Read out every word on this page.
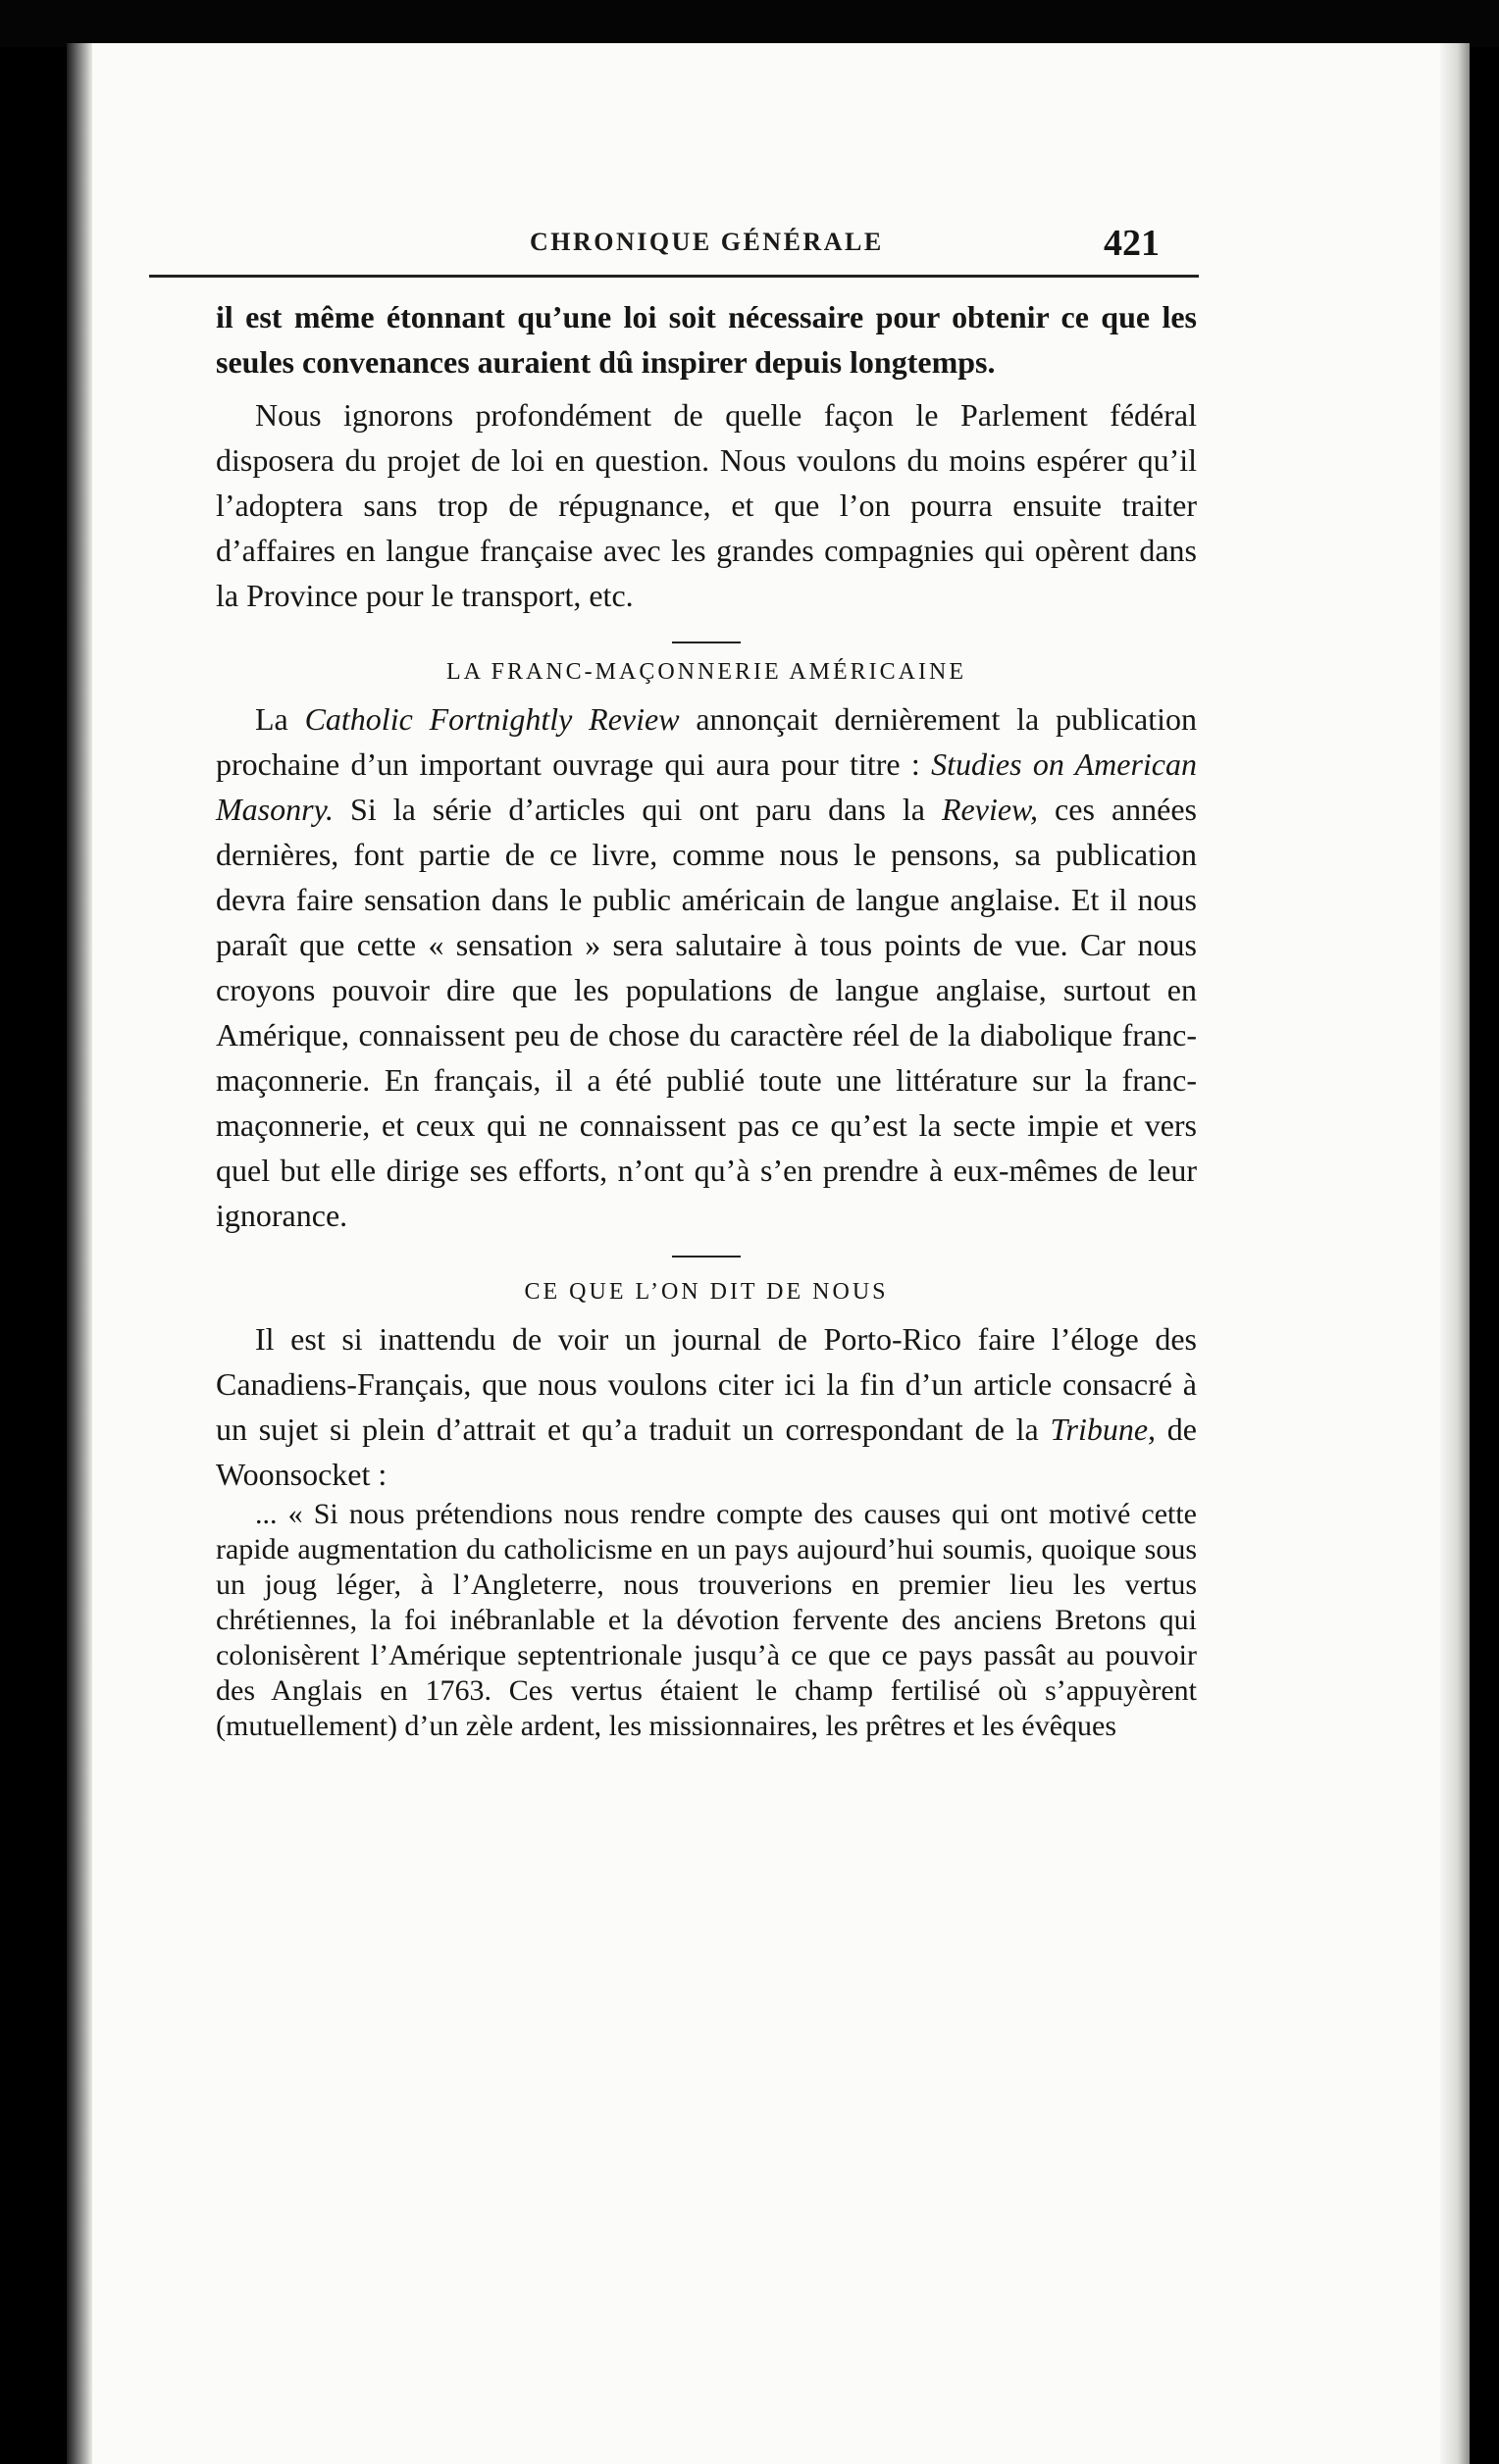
CHRONIQUE GÉNÉRALE	421

il est même étonnant qu’une loi soit nécessaire pour obtenir ce que les seules convenances auraient dû inspirer depuis longtemps.

Nous ignorons profondément de quelle façon le Parlement fédéral disposera du projet de loi en question. Nous voulons du moins espérer qu’il l’adoptera sans trop de répugnance, et que l’on pourra ensuite traiter d’affaires en langue française avec les grandes compagnies qui opèrent dans la Province pour le transport, etc.

LA FRANC-MAÇONNERIE AMÉRICAINE

La Catholic Fortnightly Review annonçait dernièrement la publication prochaine d’un important ouvrage qui aura pour titre : Studies on American Masonry. Si la série d’articles qui ont paru dans la Review, ces années dernières, font partie de ce livre, comme nous le pensons, sa publication devra faire sensation dans le public américain de langue anglaise. Et il nous paraît que cette « sensation » sera salutaire à tous points de vue. Car nous croyons pouvoir dire que les populations de langue anglaise, surtout en Amérique, connaissent peu de chose du caractère réel de la diabolique franc-maçonnerie. En français, il a été publié toute une littérature sur la franc-maçonnerie, et ceux qui ne connaissent pas ce qu’est la secte impie et vers quel but elle dirige ses efforts, n’ont qu’à s’en prendre à eux-mêmes de leur ignorance.

CE QUE L’ON DIT DE NOUS

Il est si inattendu de voir un journal de Porto-Rico faire l’éloge des Canadiens-Français, que nous voulons citer ici la fin d’un article consacré à un sujet si plein d’attrait et qu’a traduit un correspondant de la Tribune, de Woonsocket :

... « Si nous prétendions nous rendre compte des causes qui ont motivé cette rapide augmentation du catholicisme en un pays aujourd’hui soumis, quoique sous un joug léger, à l’Angleterre, nous trouverions en premier lieu les vertus chrétiennes, la foi inébranlable et la dévotion fervente des anciens Bretons qui colonisèrent l’Amérique septentrionale jusqu’à ce que ce pays passât au pouvoir des Anglais en 1763. Ces vertus étaient le champ fertilisé où s’appuyèrent (mutuellement) d’un zèle ardent, les missionnaires, les prêtres et les évêques
